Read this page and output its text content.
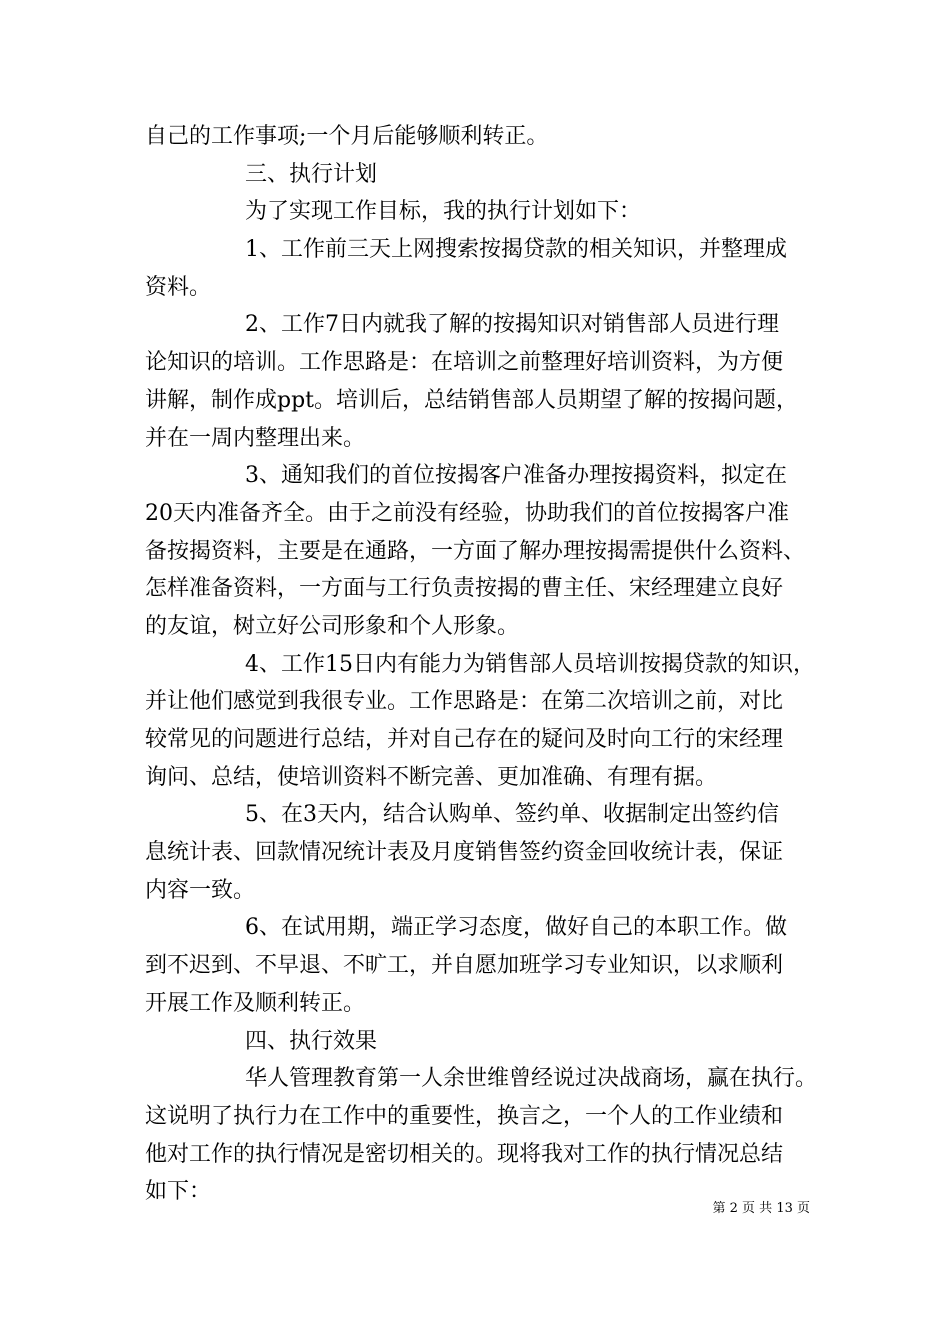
自己的工作事项;一个月后能够顺利转正。
三、执行计划
为了实现工作目标，我的执行计划如下：
1、工作前三天上网搜索按揭贷款的相关知识，并整理成
资料。
2、工作7日内就我了解的按揭知识对销售部人员进行理
论知识的培训。工作思路是：在培训之前整理好培训资料，为方便
讲解，制作成ppt。培训后，总结销售部人员期望了解的按揭问题，
并在一周内整理出来。
3、通知我们的首位按揭客户准备办理按揭资料，拟定在
20天内准备齐全。由于之前没有经验，协助我们的首位按揭客户准
备按揭资料，主要是在通路，一方面了解办理按揭需提供什么资料、
怎样准备资料，一方面与工行负责按揭的曹主任、宋经理建立良好
的友谊，树立好公司形象和个人形象。
4、工作15日内有能力为销售部人员培训按揭贷款的知识，
并让他们感觉到我很专业。工作思路是：在第二次培训之前，对比
较常见的问题进行总结，并对自己存在的疑问及时向工行的宋经理
询问、总结，使培训资料不断完善、更加准确、有理有据。
5、在3天内，结合认购单、签约单、收据制定出签约信
息统计表、回款情况统计表及月度销售签约资金回收统计表，保证
内容一致。
6、在试用期，端正学习态度，做好自己的本职工作。做
到不迟到、不早退、不旷工，并自愿加班学习专业知识，以求顺利
开展工作及顺利转正。
四、执行效果
华人管理教育第一人余世维曾经说过决战商场，赢在执行。
这说明了执行力在工作中的重要性，换言之，一个人的工作业绩和
他对工作的执行情况是密切相关的。现将我对工作的执行情况总结
如下：
第 2 页 共 13 页
